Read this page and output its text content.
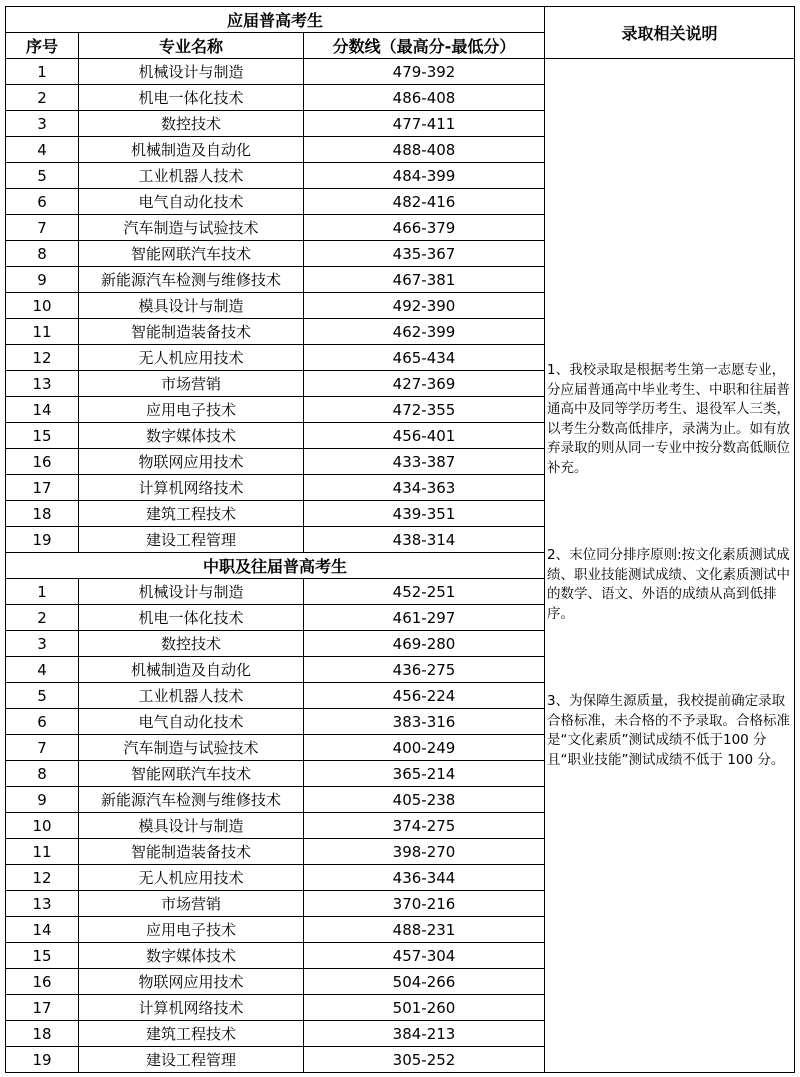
应届普高考生			录取相关说明
序号	专业名称	分数线（最高分-最低分）	
1	机械设计与制造	479-392	1、我校录取是根据考生第一志愿专业，分应届普通高中毕业考生、中职和往届普通高中及同等学历考生、退役军人三类，以考生分数高低排序，录满为止。如有放弃录取的则从同一专业中按分数高低顺位补充。
2、末位同分排序原则:按文化素质测试成绩、职业技能测试成绩、文化素质测试中的数学、语文、外语的成绩从高到低排序。
3、为保障生源质量，我校提前确定录取合格标准，未合格的不予录取。合格标准是“文化素质”测试成绩不低于100 分且“职业技能”测试成绩不低于 100 分。

2	机电一体化技术	486-408	
3	数控技术	477-411	
4	机械制造及自动化	488-408	
5	工业机器人技术	484-399	
6	电气自动化技术	482-416	
7	汽车制造与试验技术	466-379	
8	智能网联汽车技术	435-367	
9	新能源汽车检测与维修技术	467-381	
10	模具设计与制造	492-390	
11	智能制造装备技术	462-399	
12	无人机应用技术	465-434	
13	市场营销	427-369	
14	应用电子技术	472-355	
15	数字媒体技术	456-401	
16	物联网应用技术	433-387	
17	计算机网络技术	434-363	
18	建筑工程技术	439-351	
19	建设工程管理	438-314	
中职及往届普高考生			
1	机械设计与制造	452-251	
2	机电一体化技术	461-297	
3	数控技术	469-280	
4	机械制造及自动化	436-275	
5	工业机器人技术	456-224	
6	电气自动化技术	383-316	
7	汽车制造与试验技术	400-249	
8	智能网联汽车技术	365-214	
9	新能源汽车检测与维修技术	405-238	
10	模具设计与制造	374-275	
11	智能制造装备技术	398-270	
12	无人机应用技术	436-344	
13	市场营销	370-216	
14	应用电子技术	488-231	
15	数字媒体技术	457-304	
16	物联网应用技术	504-266	
17	计算机网络技术	501-260	
18	建筑工程技术	384-213	
19	建设工程管理	305-252	
